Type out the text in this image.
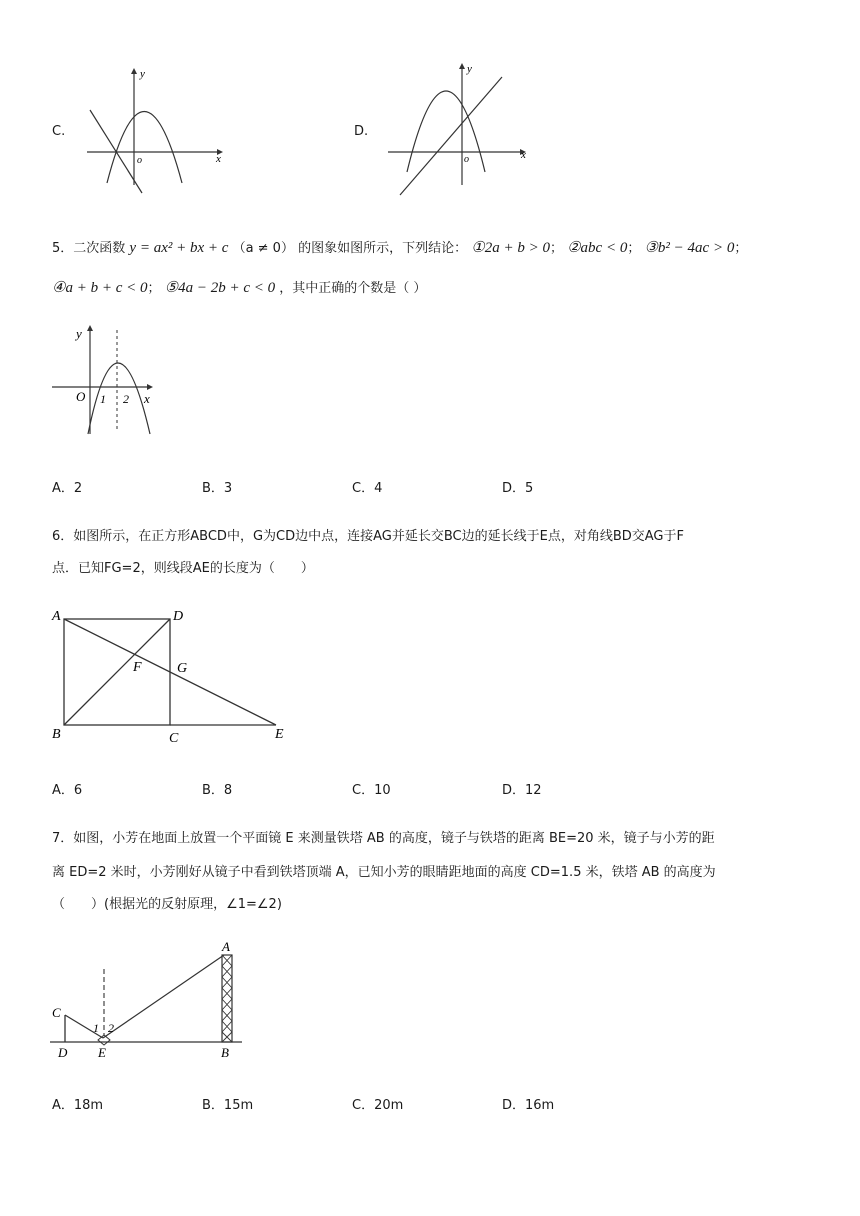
C.
y
x
o
D.
y
x
o
5．二次函数 y = ax² + bx + c （a ≠ 0） 的图象如图所示，下列结论： ①2a + b > 0； ②abc < 0； ③b² − 4ac > 0；
④a + b + c < 0； ⑤4a − 2b + c < 0 ，其中正确的个数是（ ）
y
O 1 2 x
A．2	B．3	C．4	D．5
6．如图所示，在正方形ABCD中，G为CD边中点，连接AG并延长交BC边的延长线于E点，对角线BD交AG于F
点．已知FG=2，则线段AE的长度为（　　）
A	D
F	G
B	C	E
A．6	B．8	C．10	D．12
7．如图，小芳在地面上放置一个平面镜 E 来测量铁塔 AB 的高度，镜子与铁塔的距离 BE=20 米，镜子与小芳的距
离 ED=2 米时，小芳刚好从镜子中看到铁塔顶端 A，已知小芳的眼睛距地面的高度 CD=1.5 米，铁塔 AB 的高度为
（　　）(根据光的反射原理，∠1=∠2)
A
C
D E	B
1 2
A．18m	B．15m	C．20m	D．16m
